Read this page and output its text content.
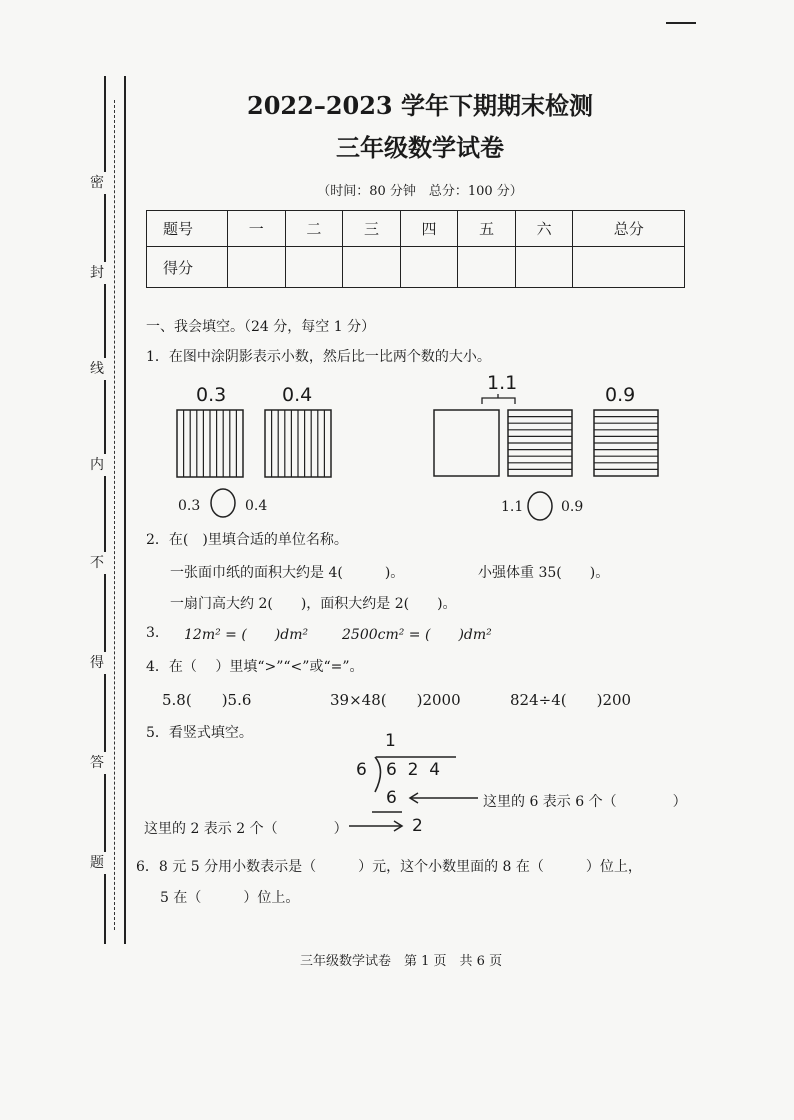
密
封
线
内
不
得
答
题
2022–2023 学年下期期末检测
三年级数学试卷
（时间：80 分钟　总分：100 分）
题号	一	二	三	四	五	六	总分
得分							
一、我会填空。（24 分，每空 1 分）
1．在图中涂阴影表示小数，然后比一比两个数的大小。
0.3	0.4
1.1
0.9
0.3	0.4	1.1	0.9
2．在(　)里填合适的单位名称。
一张面巾纸的面积大约是 4(　　　)。	小强体重 35(　　)。
一扇门高大约 2(　　)，面积大约是 2(　　)。
3. 12m² = (　　)dm² 2500cm² = (　　)dm²
4．在（　 ）里填“>”“<”或“=”。
5.8(　　)5.6	39×48(　　)2000	824÷4(　　)200
5．看竖式填空。	1
6 6  2  4
6
2
这里的 6 表示 6 个（　　　　）
这里的 2 表示 2 个（　　　　）
6．8 元 5 分用小数表示是（　　　）元，这个小数里面的 8 在（　　　）位上，
5 在（　　　）位上。
三年级数学试卷　第 1 页　共 6 页
